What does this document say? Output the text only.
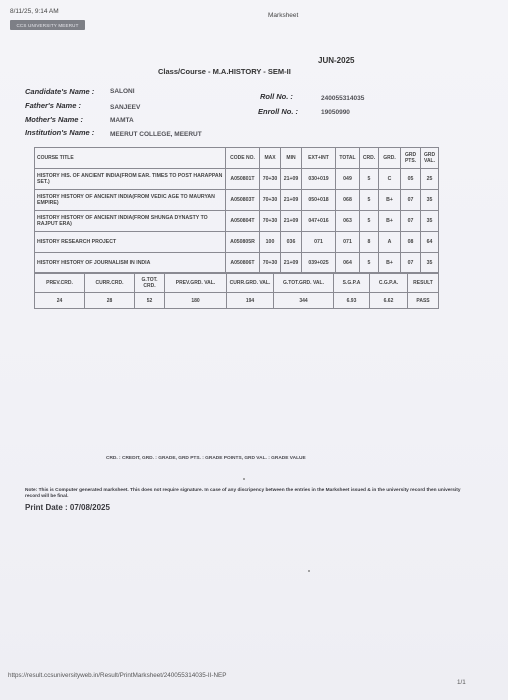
8/11/25, 9:14 AM
Marksheet
CCS UNIVERSITY MEERUT
JUN-2025
Class/Course - M.A.HISTORY - SEM-II
Candidate's Name : SALONI
Father's Name :	SANJEEV
Mother's Name :	MAMTA
Institution's Name : MEERUT COLLEGE, MEERUT
Roll No. :	240055314035
Enroll No. :	19050990
COURSE TITLE	CODE NO.	MAX	MIN	EXT+INT	TOTAL	CRD.	GRD.	GRD PTS.	GRD VAL.
HISTORY HIS. OF ANCIENT INDIA(FROM EAR. TIMES TO POST HARAPPAN SET.)	A050801T	70+30	21+09	030+019	049	5	C	05	25
HISTORY HISTORY OF ANCIENT INDIA(FROM VEDIC AGE TO MAURYAN EMPIRE)	A050803T	70+30	21+09	050+018	068	5	B+	07	35
HISTORY HISTORY OF ANCIENT INDIA(FROM SHUNGA DYNASTY TO RAJPUT ERA)	A050804T	70+30	21+09	047+016	063	5	B+	07	35
HISTORY RESEARCH PROJECT	A050805R	100	036	071	071	8	A	08	64
HISTORY HISTORY OF JOURNALISM IN INDIA	A050806T	70+30	21+09	039+025	064	5	B+	07	35
PREV.CRD.	CURR.CRD.	G.TOT. CRD.	PREV.GRD. VAL.	CURR.GRD. VAL.	G.TOT.GRD. VAL.	S.G.P.A	C.G.P.A.	RESULT
24	28	52	180	194	344	6.93	6.62	PASS
CRD. : CREDIT, GRD. : GRADE, GRD PTS. : GRADE POINTS, GRD VAL. : GRADE VALUE
Note: This is Computer generated marksheet. This does not require signature. In case of any discripency between the entries in the Marksheet issued & in the university record then university record will be final.
Print Date : 07/08/2025
https://result.ccsuniversityweb.in/Result/PrintMarksheet/240055314035-II-NEP
1/1
